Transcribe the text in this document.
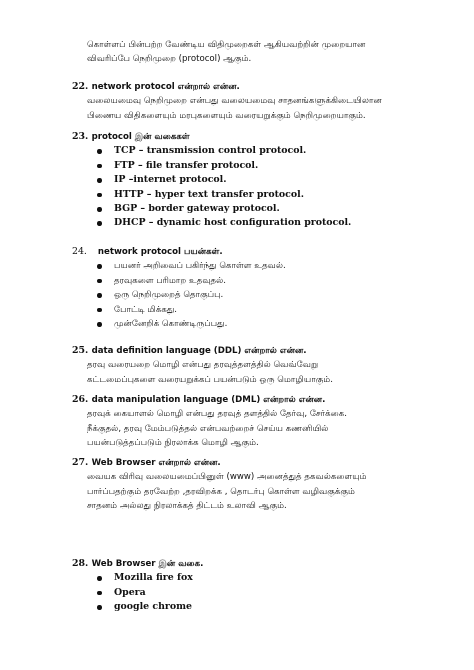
கொள்ளப் பின்பற்ற வேண்டிய விதிமுறைகள் ஆகியவற்றின் முறையான
விவரிப்பே நெறிமுறை (protocol) ஆகும்.
22. network protocol என்றால் என்ன.
வலையமைவு நெறிமுறை என்பது வலையமைவு சாதனங்களுக்கிடையிலான
பிணைய விதிகளையும் மரபுகளையும் வரையறுக்கும் நெறிமுறையாகும்.
23. protocol இன் வகைகள்
TCP – transmission control protocol.
FTP – file transfer protocol.
IP –internet protocol.
HTTP – hyper text transfer protocol.
BGP – border gateway protocol.
DHCP – dynamic host configuration protocol.
24. network protocol பயன்கள்.
பயனர் அறிவைப் பகிர்ந்து கொள்ள உதவல்.
தரவுகளை பரிமாற உதவுதல்.
ஒரு நெறிமுறைத் தொகுப்பு.
போட்டி மிக்கது.
முன்னேறிக் கொண்டிருப்பது.
25. data definition language (DDL) என்றால் என்ன.
தரவு வரையறை மொழி என்பது தரவுத்தளத்தில் வெவ்வேறு
கட்டமைப்புகளை வரையறுக்கப் பயன்படும் ஒரு மொழியாகும்.
26. data manipulation language (DML) என்றால் என்ன.
தரவுக் கையாளல் மொழி என்பது தரவுத் தளத்தில் தேர்வு, சேர்க்கை.
நீக்குதல், தரவு மேம்படுத்தல் என்பவற்றைச் செய்ய கணனியில்
பயன்படுத்தப்படும் நிரலாக்க மொழி ஆகும்.
27. Web Browser என்றால் என்ன.
வையக விரிவு வலையமைப்பினுள் (www) அனைத்துத் தகவல்களையும்
பார்ப்பதற்கும் தரவேற்ற ,தரவிறக்க , தொடர்பு கொள்ள வழிவகுக்கும்
சாதனம் அல்லது நிரலாக்கத் திட்டம் உலாவி ஆகும்.
28. Web Browser இன் வகை.
Mozilla fire fox
Opera
google chrome
